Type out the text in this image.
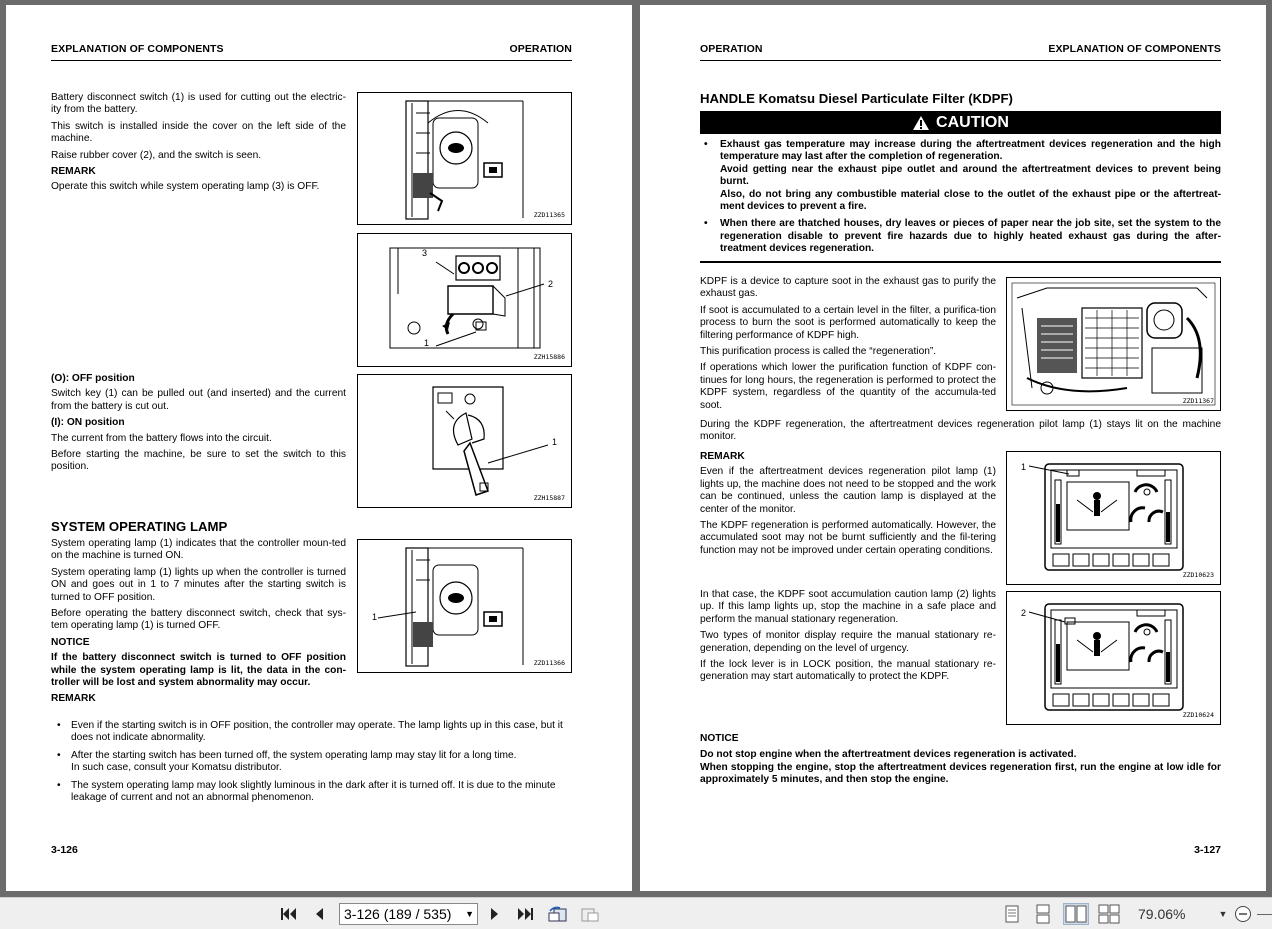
EXPLANATION OF COMPONENTS	OPERATION

Battery disconnect switch (1) is used for cutting out the electric-ity from the battery.

This switch is installed inside the cover on the left side of the machine.

Raise rubber cover (2), and the switch is seen.

REMARK

Operate this switch while system operating lamp (3) is OFF.

ZZD11365
1
2
3
ZZH15886

(O): OFF position

Switch key (1) can be pulled out (and inserted) and the current from the battery is cut out.

(I): ON position

The current from the battery flows into the circuit.

Before starting the machine, be sure to set the switch to this position.

1
ZZH15887
SYSTEM OPERATING LAMP

System operating lamp (1) indicates that the controller moun-ted on the machine is turned ON.

System operating lamp (1) lights up when the controller is turned ON and goes out in 1 to 7 minutes after the starting switch is turned to OFF position.

Before operating the battery disconnect switch, check that sys-tem operating lamp (1) is turned OFF.

NOTICE

If the battery disconnect switch is turned to OFF position while the system operating lamp is lit, the data in the con-troller will be lost and system abnormality may occur.

REMARK

1
ZZD11366
• Even if the starting switch is in OFF position, the controller may operate. The lamp lights up in this case, but it does not indicate abnormality.
• After the starting switch has been turned off, the system operating lamp may stay lit for a long time.

In such case, consult your Komatsu distributor.

• The system operating lamp may look slightly luminous in the dark after it is turned off. It is due to the minute leakage of current and not an abnormal phenomenon.
3-126
OPERATION	EXPLANATION OF COMPONENTS
HANDLE Komatsu Diesel Particulate Filter (KDPF)
CAUTION

• Exhaust gas temperature may increase during the aftertreatment devices regeneration and the high temperature may last after the completion of regeneration.

Avoid getting near the exhaust pipe outlet and around the aftertreatment devices to prevent being burnt.

Also, do not bring any combustible material close to the outlet of the exhaust pipe or the aftertreat-ment devices to prevent a fire.

• When there are thatched houses, dry leaves or pieces of paper near the job site, set the system to the regeneration disable to prevent fire hazards due to highly heated exhaust gas during the after-treatment devices regeneration.

KDPF is a device to capture soot in the exhaust gas to purify the exhaust gas.

If soot is accumulated to a certain level in the filter, a purifica-tion process to burn the soot is performed automatically to keep the filtering performance of KDPF high.

This purification process is called the “regeneration”.

If operations which lower the purification function of KDPF con-tinues for long hours, the regeneration is performed to protect the KDPF system, regardless of the quantity of the accumula-ted soot.	ZZD11367

During the KDPF regeneration, the aftertreatment devices regeneration pilot lamp (1) stays lit on the machine monitor.

REMARK

Even if the aftertreatment devices regeneration pilot lamp (1) lights up, the machine does not need to be stopped and the work can be continued, unless the caution lamp is displayed at the center of the monitor.

The KDPF regeneration is performed automatically. However, the accumulated soot may not be burnt sufficiently and the fil-tering function may not be improved under certain operating conditions.

In that case, the KDPF soot accumulation caution lamp (2) lights up. If this lamp lights up, stop the machine in a safe place and perform the manual stationary regeneration.

Two types of monitor display require the manual stationary re-generation, depending on the level of urgency.

If the lock lever is in LOCK position, the manual stationary re-generation may start automatically to protect the KDPF.

1
ZZD10623
2
ZZD10624

NOTICE

Do not stop engine when the aftertreatment devices regeneration is activated.

When stopping the engine, stop the aftertreatment devices regeneration first, run the engine at low idle for approximately 5 minutes, and then stop the engine.

3-127
3-126 (189 / 535) ▼	79.06%	▼
